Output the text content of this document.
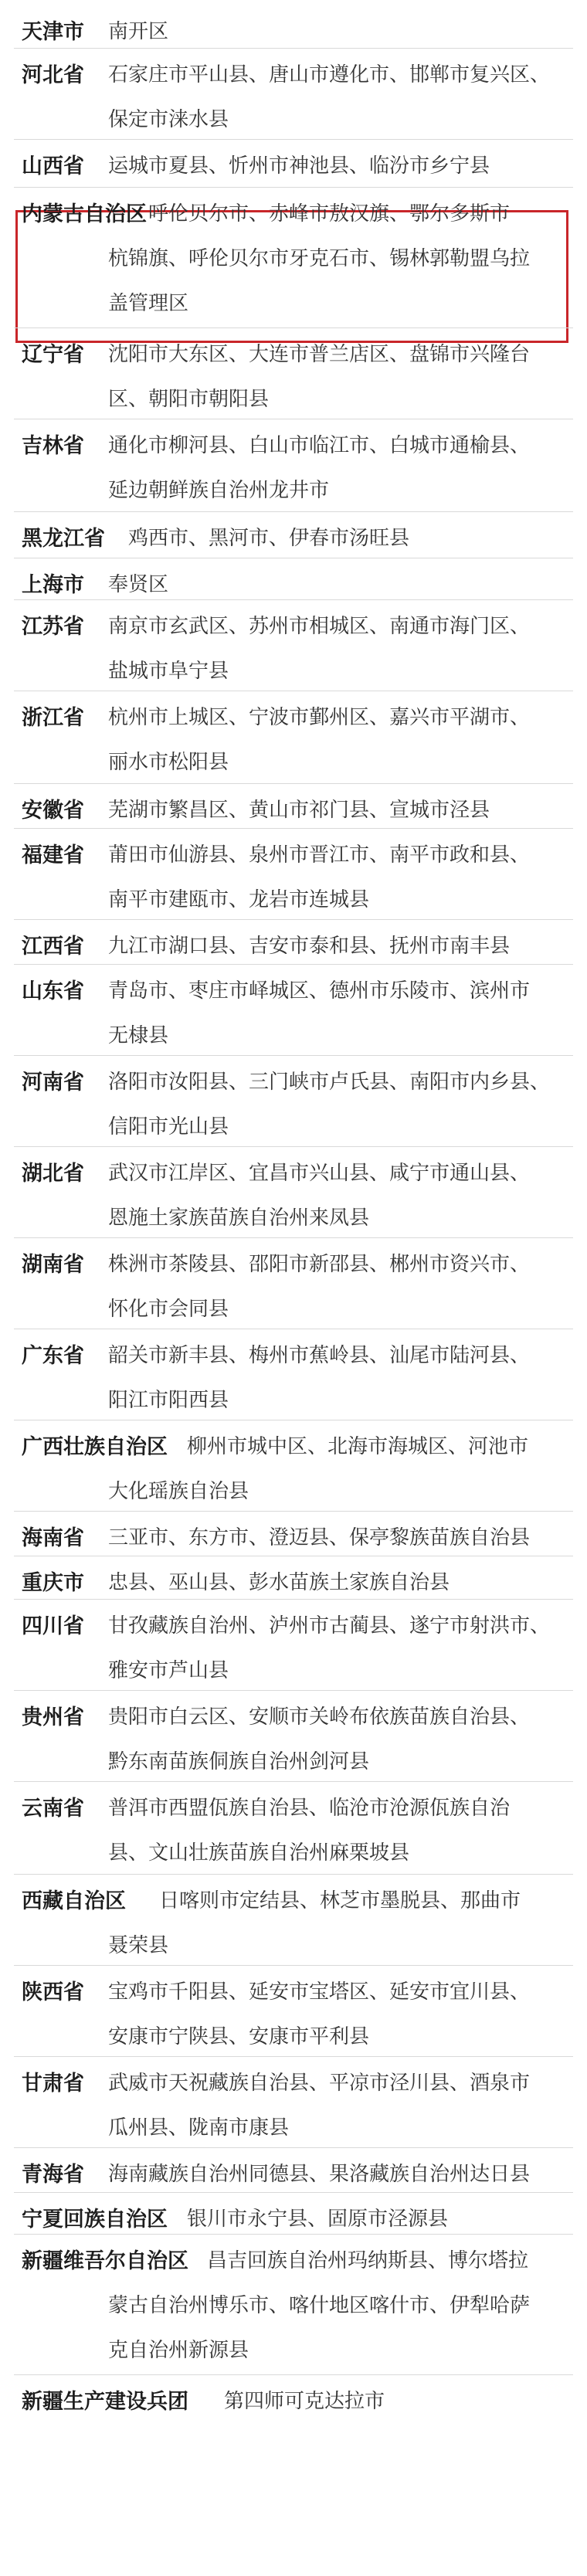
天津市 南开区
河北省 石家庄市平山县、唐山市遵化市、邯郸市复兴区、
保定市涞水县
山西省 运城市夏县、忻州市神池县、临汾市乡宁县
内蒙古自治区 呼伦贝尔市、赤峰市敖汉旗、鄂尔多斯市
杭锦旗、呼伦贝尔市牙克石市、锡林郭勒盟乌拉
盖管理区
辽宁省 沈阳市大东区、大连市普兰店区、盘锦市兴隆台
区、朝阳市朝阳县
吉林省 通化市柳河县、白山市临江市、白城市通榆县、
延边朝鲜族自治州龙井市
黑龙江省 鸡西市、黑河市、伊春市汤旺县
上海市 奉贤区
江苏省 南京市玄武区、苏州市相城区、南通市海门区、
盐城市阜宁县
浙江省 杭州市上城区、宁波市鄞州区、嘉兴市平湖市、
丽水市松阳县
安徽省 芜湖市繁昌区、黄山市祁门县、宣城市泾县
福建省 莆田市仙游县、泉州市晋江市、南平市政和县、
南平市建瓯市、龙岩市连城县
江西省 九江市湖口县、吉安市泰和县、抚州市南丰县
山东省 青岛市、枣庄市峄城区、德州市乐陵市、滨州市
无棣县
河南省 洛阳市汝阳县、三门峡市卢氏县、南阳市内乡县、
信阳市光山县
湖北省 武汉市江岸区、宜昌市兴山县、咸宁市通山县、
恩施土家族苗族自治州来凤县
湖南省 株洲市茶陵县、邵阳市新邵县、郴州市资兴市、
怀化市会同县
广东省 韶关市新丰县、梅州市蕉岭县、汕尾市陆河县、
阳江市阳西县
广西壮族自治区 柳州市城中区、北海市海城区、河池市
大化瑶族自治县
海南省 三亚市、东方市、澄迈县、保亭黎族苗族自治县
重庆市 忠县、巫山县、彭水苗族土家族自治县
四川省 甘孜藏族自治州、泸州市古蔺县、遂宁市射洪市、
雅安市芦山县
贵州省 贵阳市白云区、安顺市关岭布依族苗族自治县、
黔东南苗族侗族自治州剑河县
云南省 普洱市西盟佤族自治县、临沧市沧源佤族自治
县、文山壮族苗族自治州麻栗坡县
西藏自治区 日喀则市定结县、林芝市墨脱县、那曲市
聂荣县
陕西省 宝鸡市千阳县、延安市宝塔区、延安市宜川县、
安康市宁陕县、安康市平利县
甘肃省 武威市天祝藏族自治县、平凉市泾川县、酒泉市
瓜州县、陇南市康县
青海省 海南藏族自治州同德县、果洛藏族自治州达日县
宁夏回族自治区 银川市永宁县、固原市泾源县
新疆维吾尔自治区 昌吉回族自治州玛纳斯县、博尔塔拉
蒙古自治州博乐市、喀什地区喀什市、伊犁哈萨
克自治州新源县
新疆生产建设兵团 第四师可克达拉市
